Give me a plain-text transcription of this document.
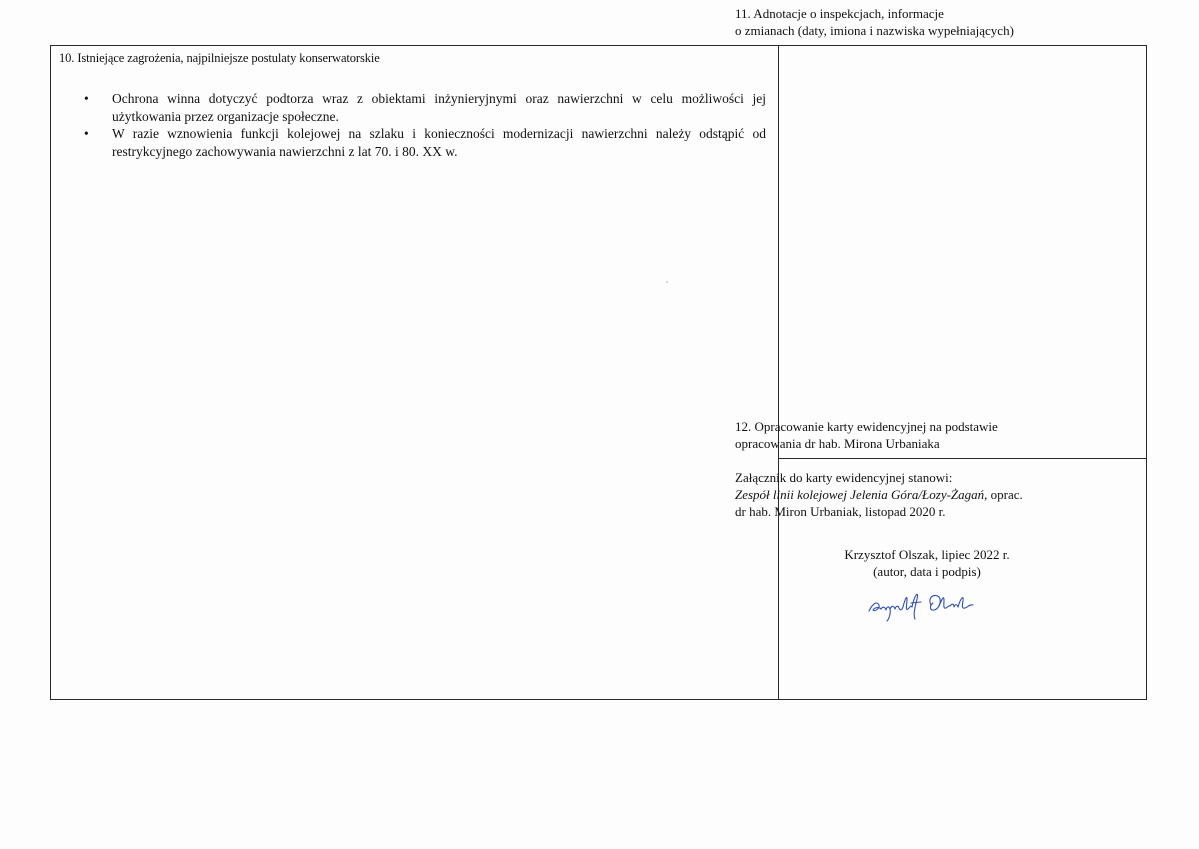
10. Istniejące zagrożenia, najpilniejsze postulaty konserwatorskie
•	Ochrona winna dotyczyć podtorza wraz z obiektami inżynieryjnymi oraz nawierzchni w celu możliwości jej użytkowania przez organizacje społeczne.
•	W razie wznowienia funkcji kolejowej na szlaku i konieczności modernizacji nawierzchni należy odstąpić od restrykcyjnego zachowywania nawierzchni z lat 70. i 80. XX w.
11. Adnotacje o inspekcjach, informacje
o zmianach (daty, imiona i nazwiska wypełniających)
12. Opracowanie karty ewidencyjnej na podstawie
opracowania dr hab. Mirona Urbaniaka
Załącznik do karty ewidencyjnej stanowi:
Zespół linii kolejowej Jelenia Góra/Łozy-Żagań, oprac.
dr hab. Miron Urbaniak, listopad 2020 r.
Krzysztof Olszak, lipiec 2022 r.
(autor, data i podpis)
